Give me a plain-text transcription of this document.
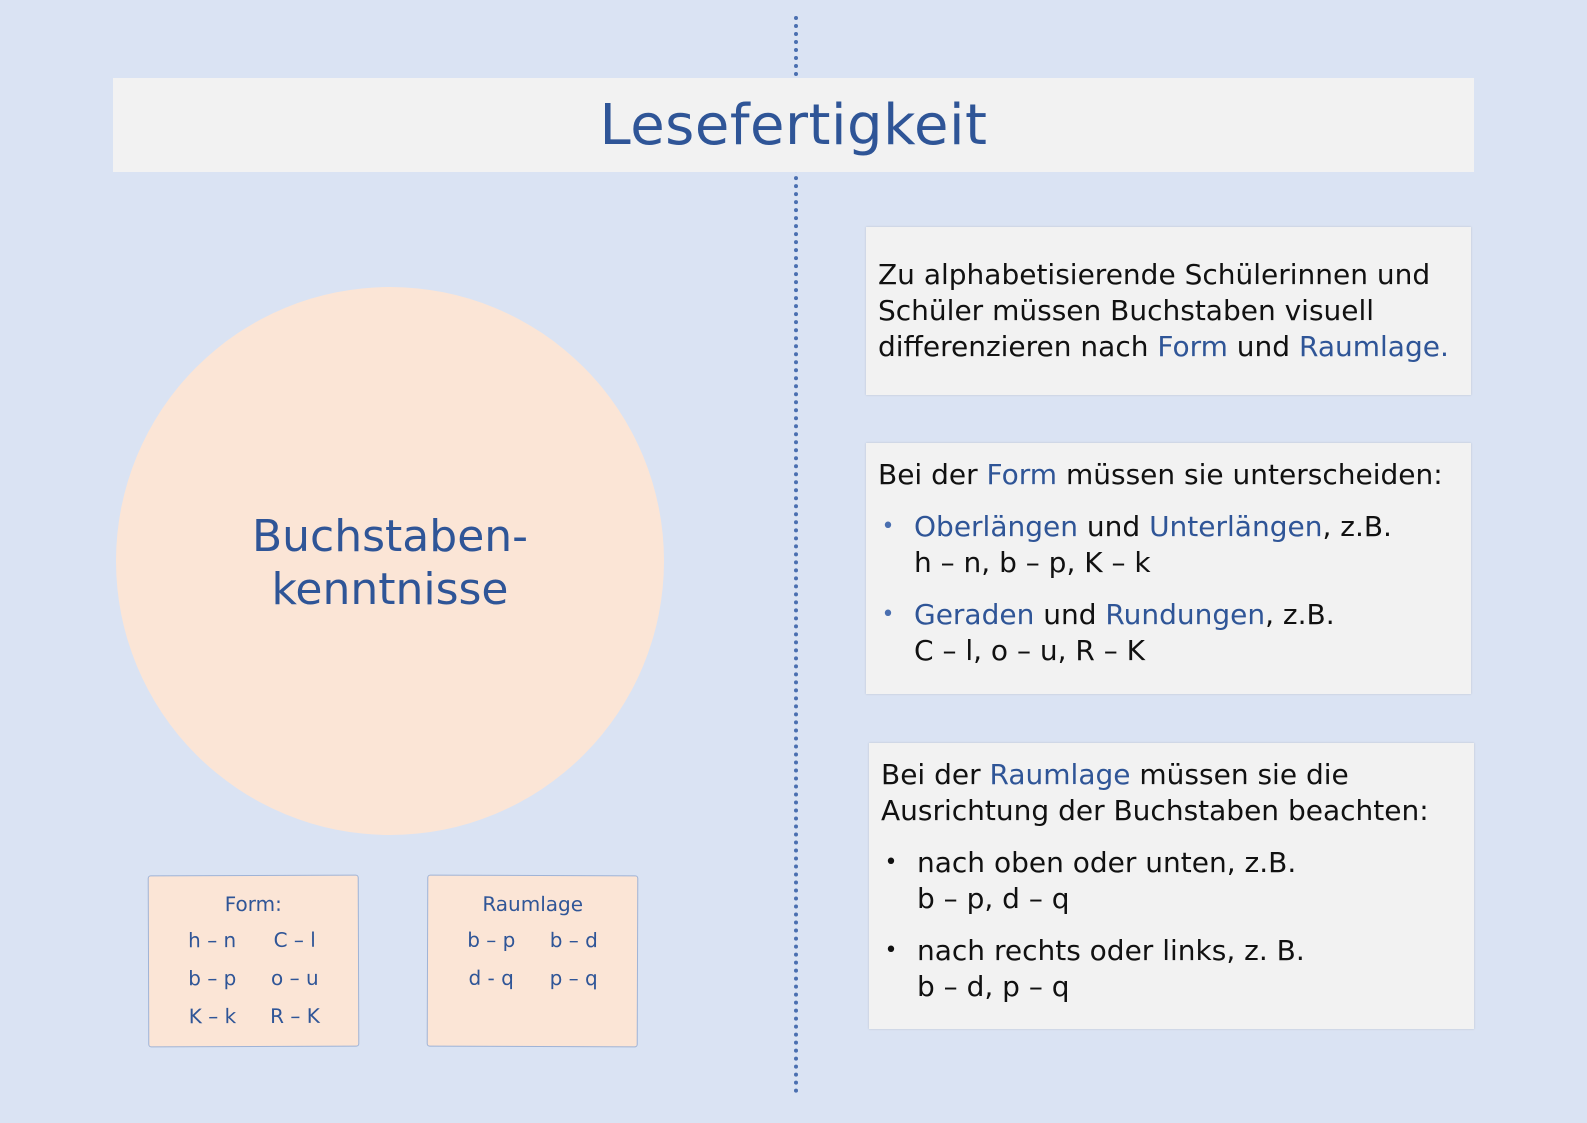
Lesefertigkeit
Buchstaben-
kenntnisse
Form:
h – n	C – l
b – p	o – u
K – k	R – K
Raumlage
b – p	b – d
d - q	p – q

Zu alphabetisierende Schülerinnen und Schüler müssen Buchstaben visuell differenzieren nach Form und Raumlage.

Bei der Form müssen sie unterscheiden:

• Oberlängen und Unterlängen, z.B.
h – n, b – p, K – k
• Geraden und Rundungen, z.B.
C – l, o – u, R – K

Bei der Raumlage müssen sie die Ausrichtung der Buchstaben beachten:

• nach oben oder unten, z.B.
b – p, d – q
• nach rechts oder links, z. B.
b – d, p – q
